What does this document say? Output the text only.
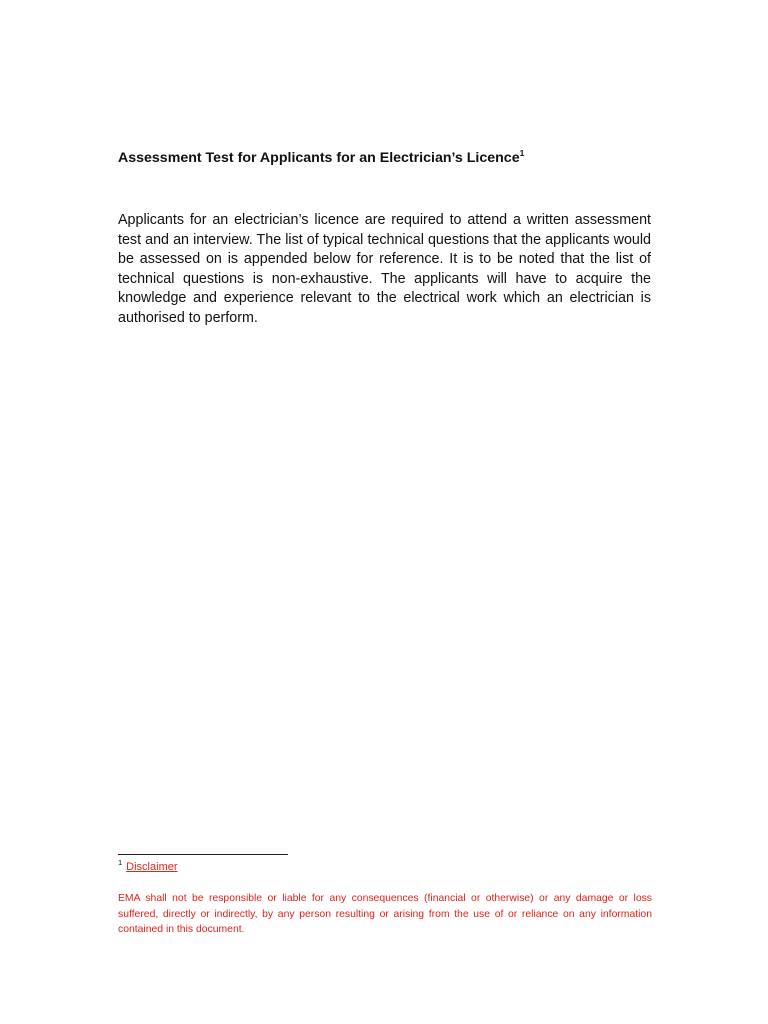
Assessment Test for Applicants for an Electrician’s Licence$^1$

Applicants for an electrician’s licence are required to attend a written assessment test and an interview. The list of typical technical questions that the applicants would be assessed on is appended below for reference. It is to be noted that the list of technical questions is non-exhaustive. The applicants will have to acquire the knowledge and experience relevant to the electrical work which an electrician is authorised to perform.

$^1$ Disclaimer

EMA shall not be responsible or liable for any consequences (financial or otherwise) or any damage or loss suffered, directly or indirectly, by any person resulting or arising from the use of or reliance on any information contained in this document.
